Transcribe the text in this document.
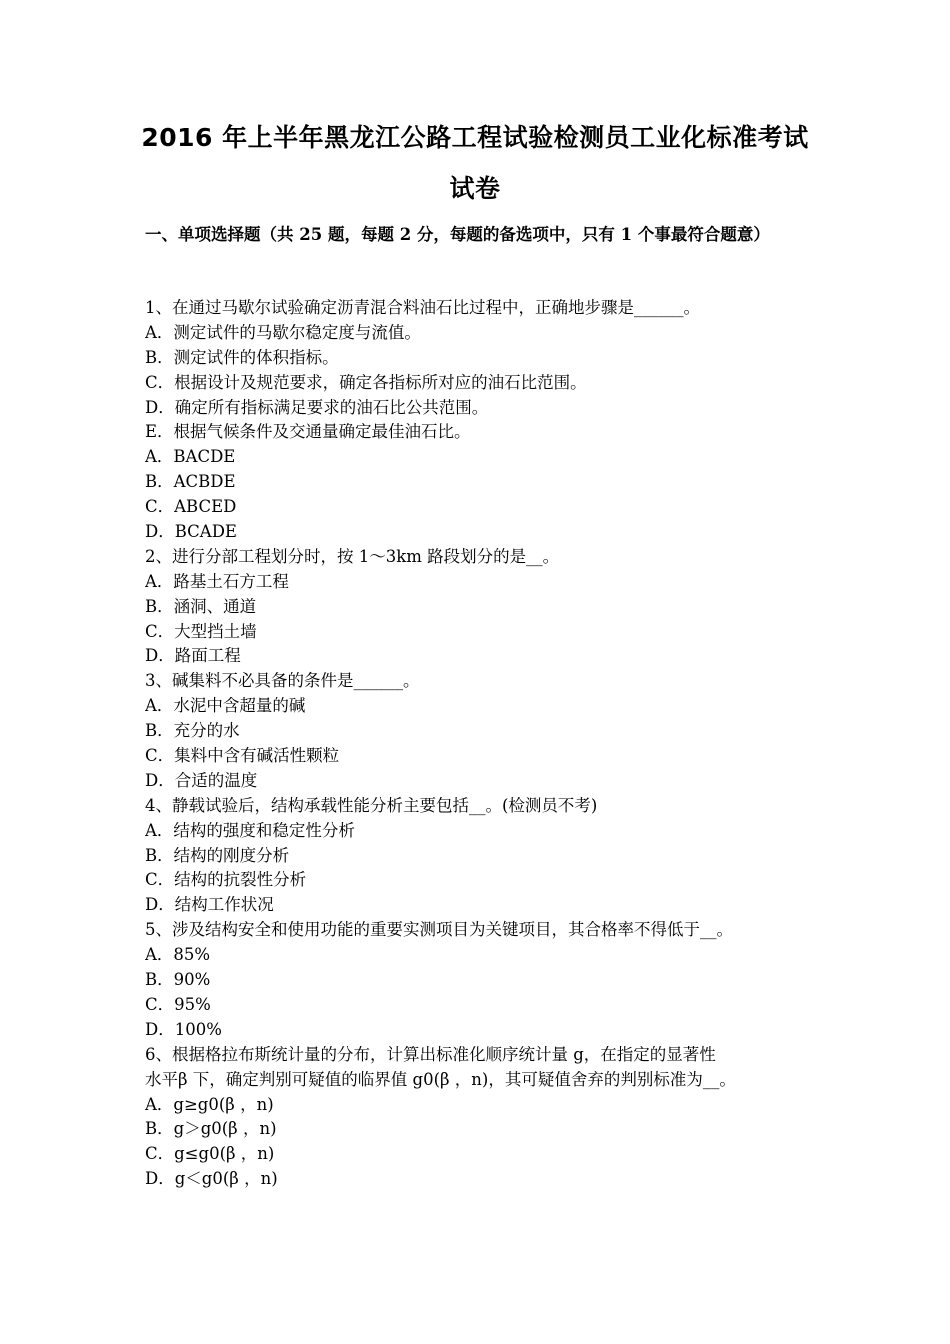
2016 年上半年黑龙江公路工程试验检测员工业化标准考试
试卷
一、单项选择题（共 25 题，每题 2 分，每题的备选项中，只有 1 个事最符合题意）
1、在通过马歇尔试验确定沥青混合料油石比过程中，正确地步骤是______。
A．测定试件的马歇尔稳定度与流值。
B．测定试件的体积指标。
C．根据设计及规范要求，确定各指标所对应的油石比范围。
D．确定所有指标满足要求的油石比公共范围。
E．根据气候条件及交通量确定最佳油石比。
A．BACDE
B．ACBDE
C．ABCED
D．BCADE
2、进行分部工程划分时，按 1～3km 路段划分的是__。
A．路基土石方工程
B．涵洞、通道
C．大型挡土墙
D．路面工程
3、碱集料不必具备的条件是______。
A．水泥中含超量的碱
B．充分的水
C．集料中含有碱活性颗粒
D．合适的温度
4、静载试验后，结构承载性能分析主要包括__。(检测员不考)
A．结构的强度和稳定性分析
B．结构的刚度分析
C．结构的抗裂性分析
D．结构工作状况
5、涉及结构安全和使用功能的重要实测项目为关键项目，其合格率不得低于__。
A．85%
B．90%
C．95%
D．100%
6、根据格拉布斯统计量的分布，计算出标准化顺序统计量 g，在指定的显著性
水平β 下，确定判别可疑值的临界值 g0(β ，n)，其可疑值舍弃的判别标准为__。
A．g≥g0(β ，n)
B．g＞g0(β ，n)
C．g≤g0(β ，n)
D．g＜g0(β ，n)
